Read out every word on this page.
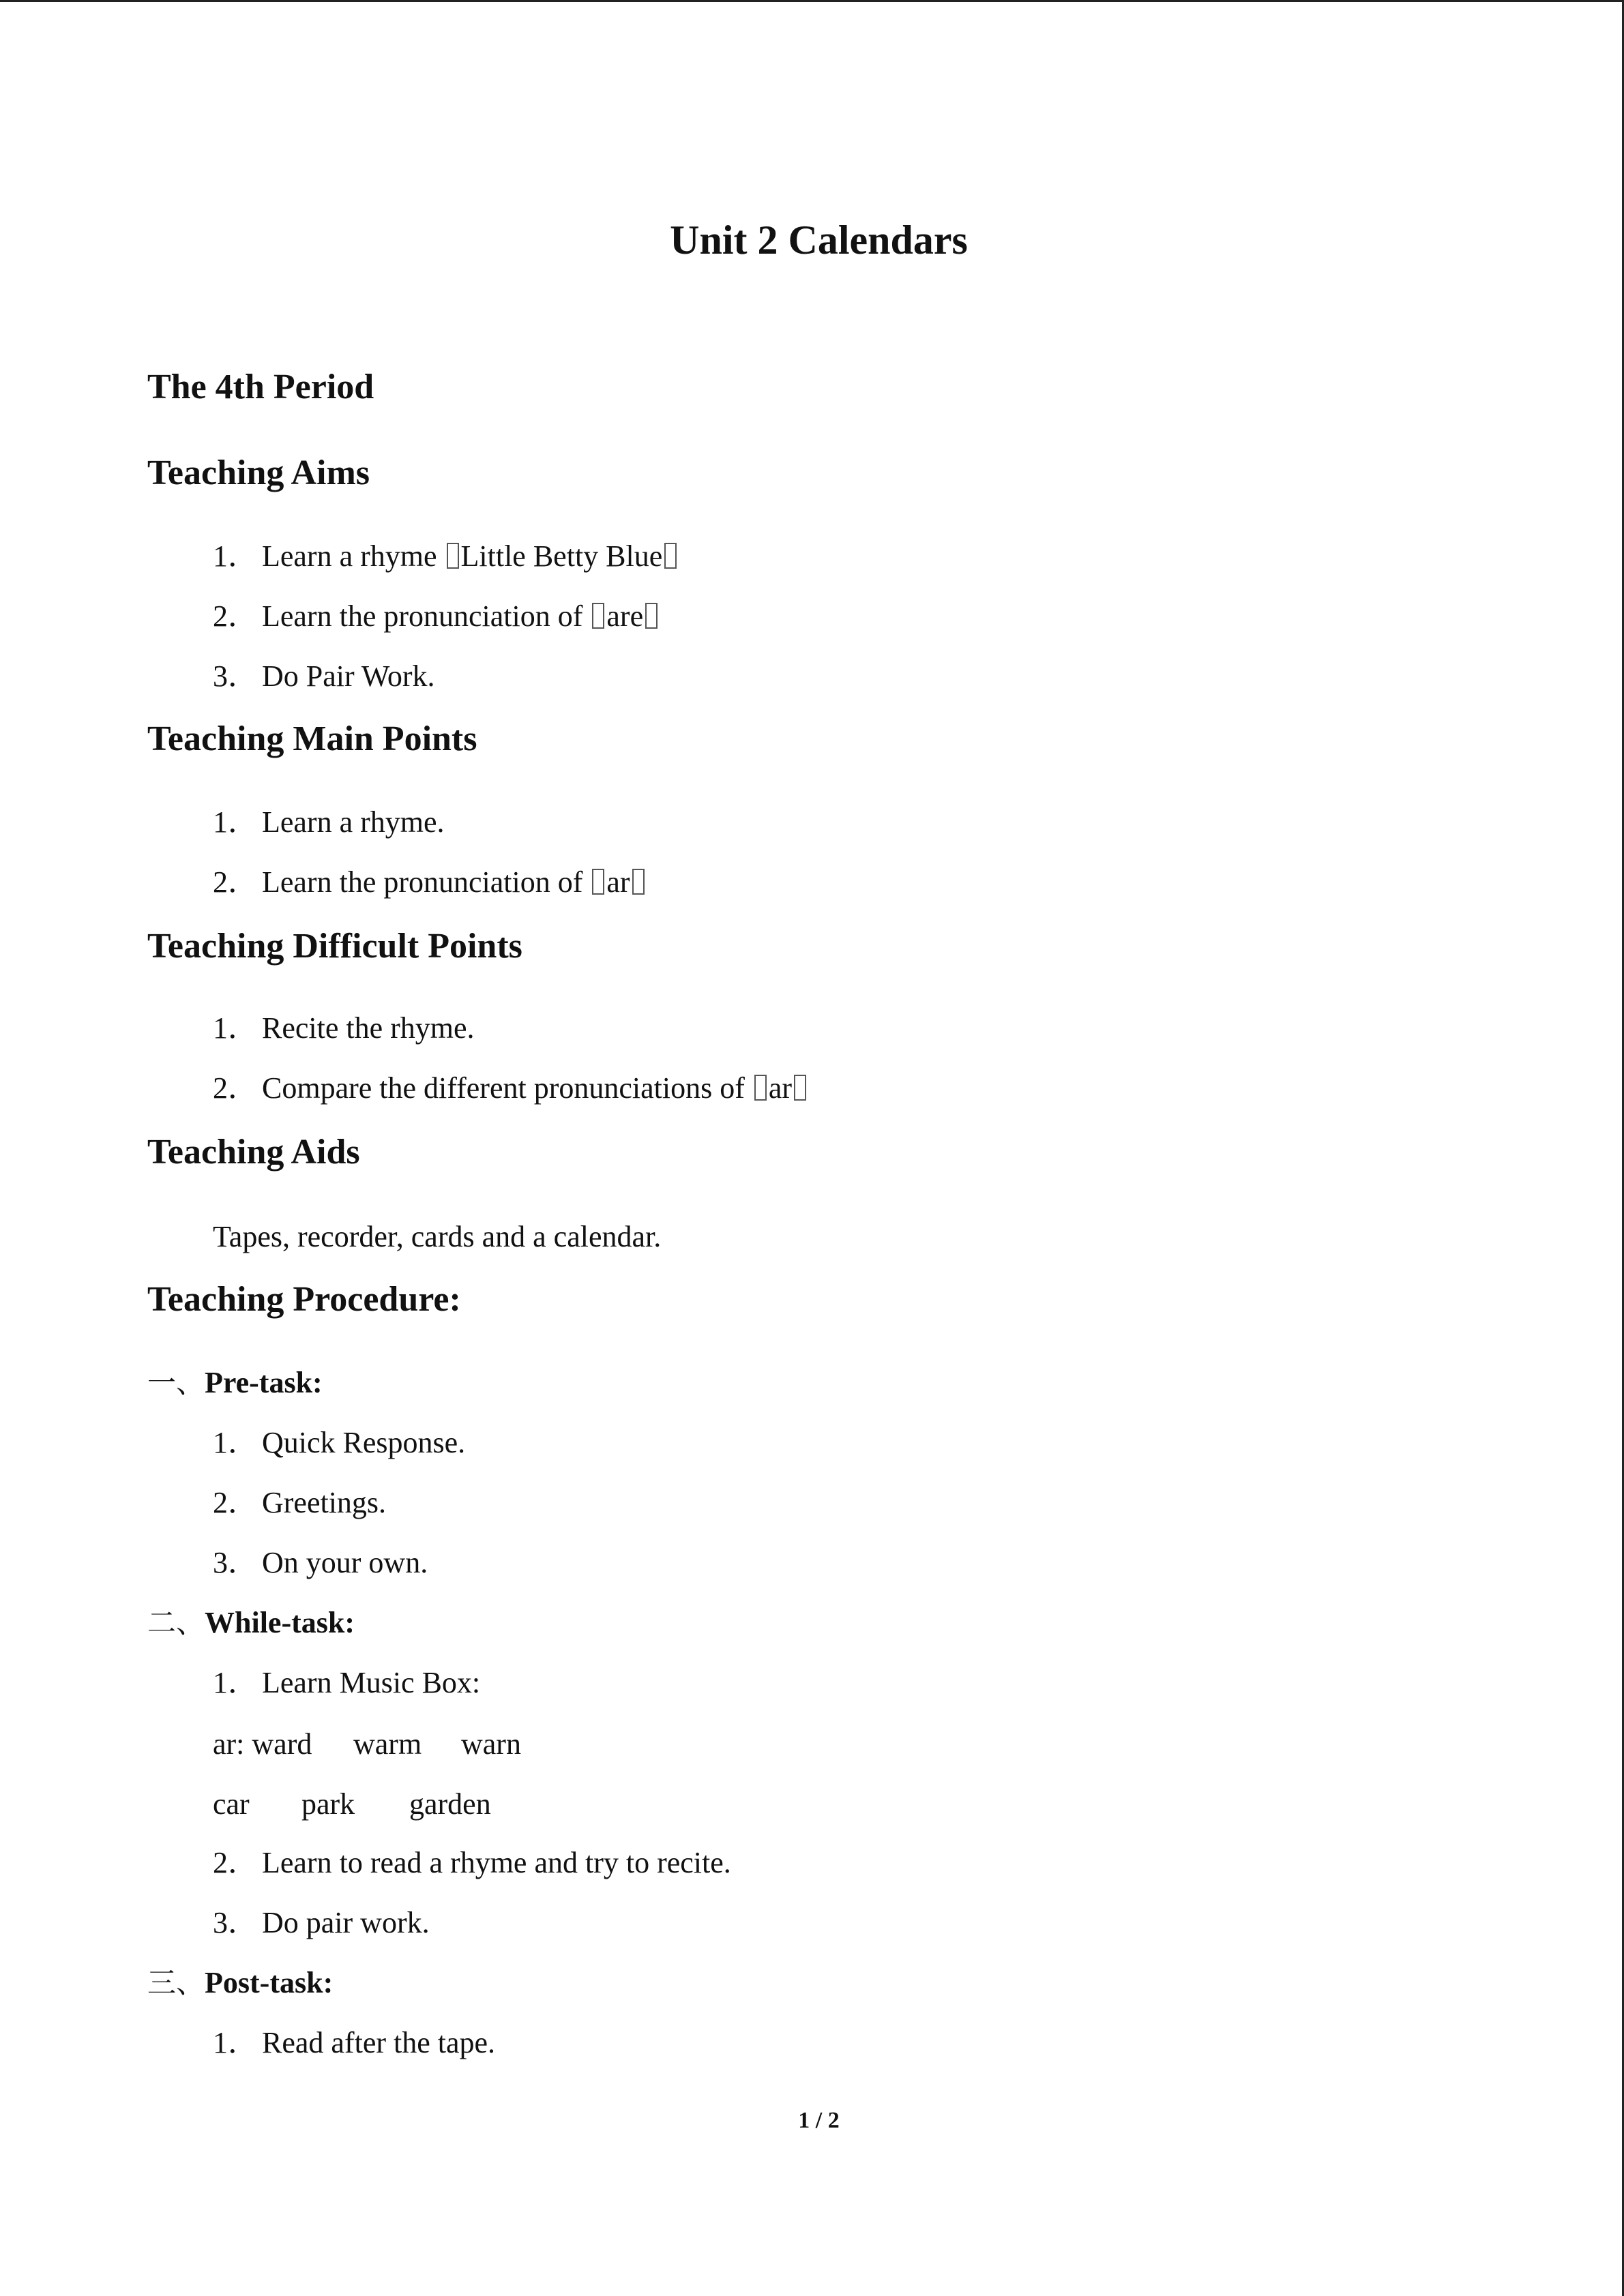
Unit 2 Calendars
The 4th Period
Teaching Aims
1． Learn a rhyme Little Betty Blue
2． Learn the pronunciation of are
3． Do Pair Work.
Teaching Main Points
1． Learn a rhyme.
2． Learn the pronunciation of ar
Teaching Difficult Points
1． Recite the rhyme.
2． Compare the different pronunciations of ar
Teaching Aids
Tapes, recorder, cards and a calendar.
Teaching Procedure:
一、Pre-task:
1． Quick Response.
2． Greetings.
3． On your own.
二、While-task:
1． Learn Music Box:
ar: ward warm warn
car park garden
2． Learn to read a rhyme and try to recite.
3． Do pair work.
三、Post-task:
1． Read after the tape.
1 / 2
